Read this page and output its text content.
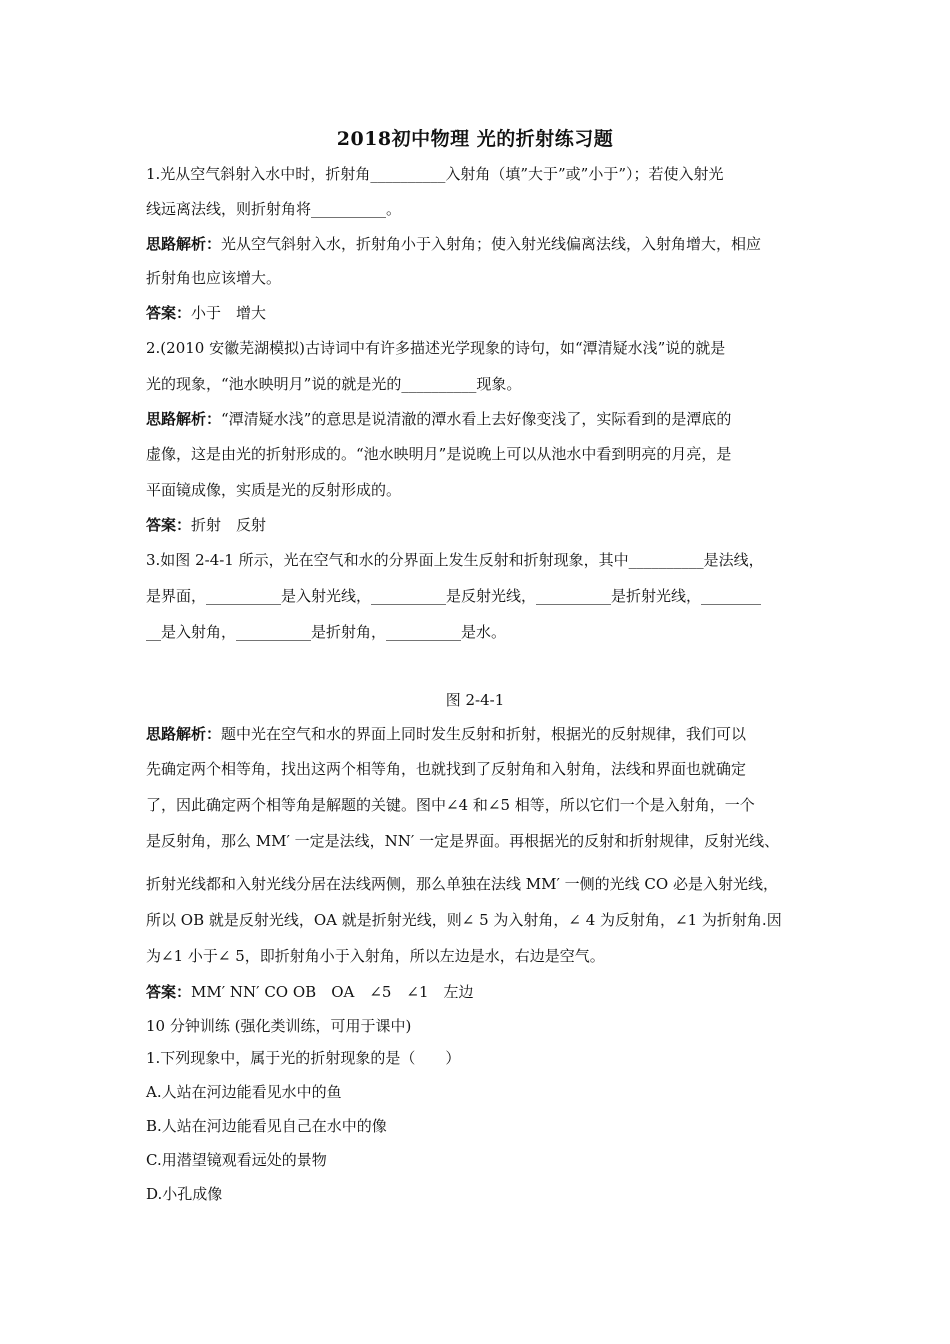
2018初中物理 光的折射练习题
1.光从空气斜射入水中时，折射角__________入射角（填”大于”或”小于”）；若使入射光
线远离法线，则折射角将__________。
思路解析：光从空气斜射入水，折射角小于入射角；使入射光线偏离法线，入射角增大，相应
折射角也应该增大。
答案：小于　增大
2.(2010 安徽芜湖模拟)古诗词中有许多描述光学现象的诗句，如“潭清疑水浅”说的就是
光的现象，“池水映明月”说的就是光的__________现象。
思路解析：“潭清疑水浅”的意思是说清澈的潭水看上去好像变浅了，实际看到的是潭底的
虚像，这是由光的折射形成的。“池水映明月”是说晚上可以从池水中看到明亮的月亮，是
平面镜成像，实质是光的反射形成的。
答案：折射　反射
3.如图 2-4-1 所示，光在空气和水的分界面上发生反射和折射现象，其中__________是法线，
是界面，__________是入射光线，__________是反射光线，__________是折射光线，________
__是入射角，__________是折射角，__________是水。
图 2-4-1
思路解析：题中光在空气和水的界面上同时发生反射和折射，根据光的反射规律，我们可以
先确定两个相等角，找出这两个相等角，也就找到了反射角和入射角，法线和界面也就确定
了，因此确定两个相等角是解题的关键。图中∠4 和∠5 相等，所以它们一个是入射角，一个
是反射角，那么 MM′ 一定是法线，NN′ 一定是界面。再根据光的反射和折射规律，反射光线、
折射光线都和入射光线分居在法线两侧，那么单独在法线 MM′ 一侧的光线 CO 必是入射光线，
所以 OB 就是反射光线，OA 就是折射光线，则∠ 5 为入射角，∠ 4 为反射角，∠1 为折射角.因
为∠1 小于∠ 5，即折射角小于入射角，所以左边是水，右边是空气。
答案：MM′ NN′ CO OB　OA　∠5　∠1　左边
10 分钟训练 (强化类训练，可用于课中)
1.下列现象中，属于光的折射现象的是（　　）
A.人站在河边能看见水中的鱼
B.人站在河边能看见自己在水中的像
C.用潜望镜观看远处的景物
D.小孔成像
